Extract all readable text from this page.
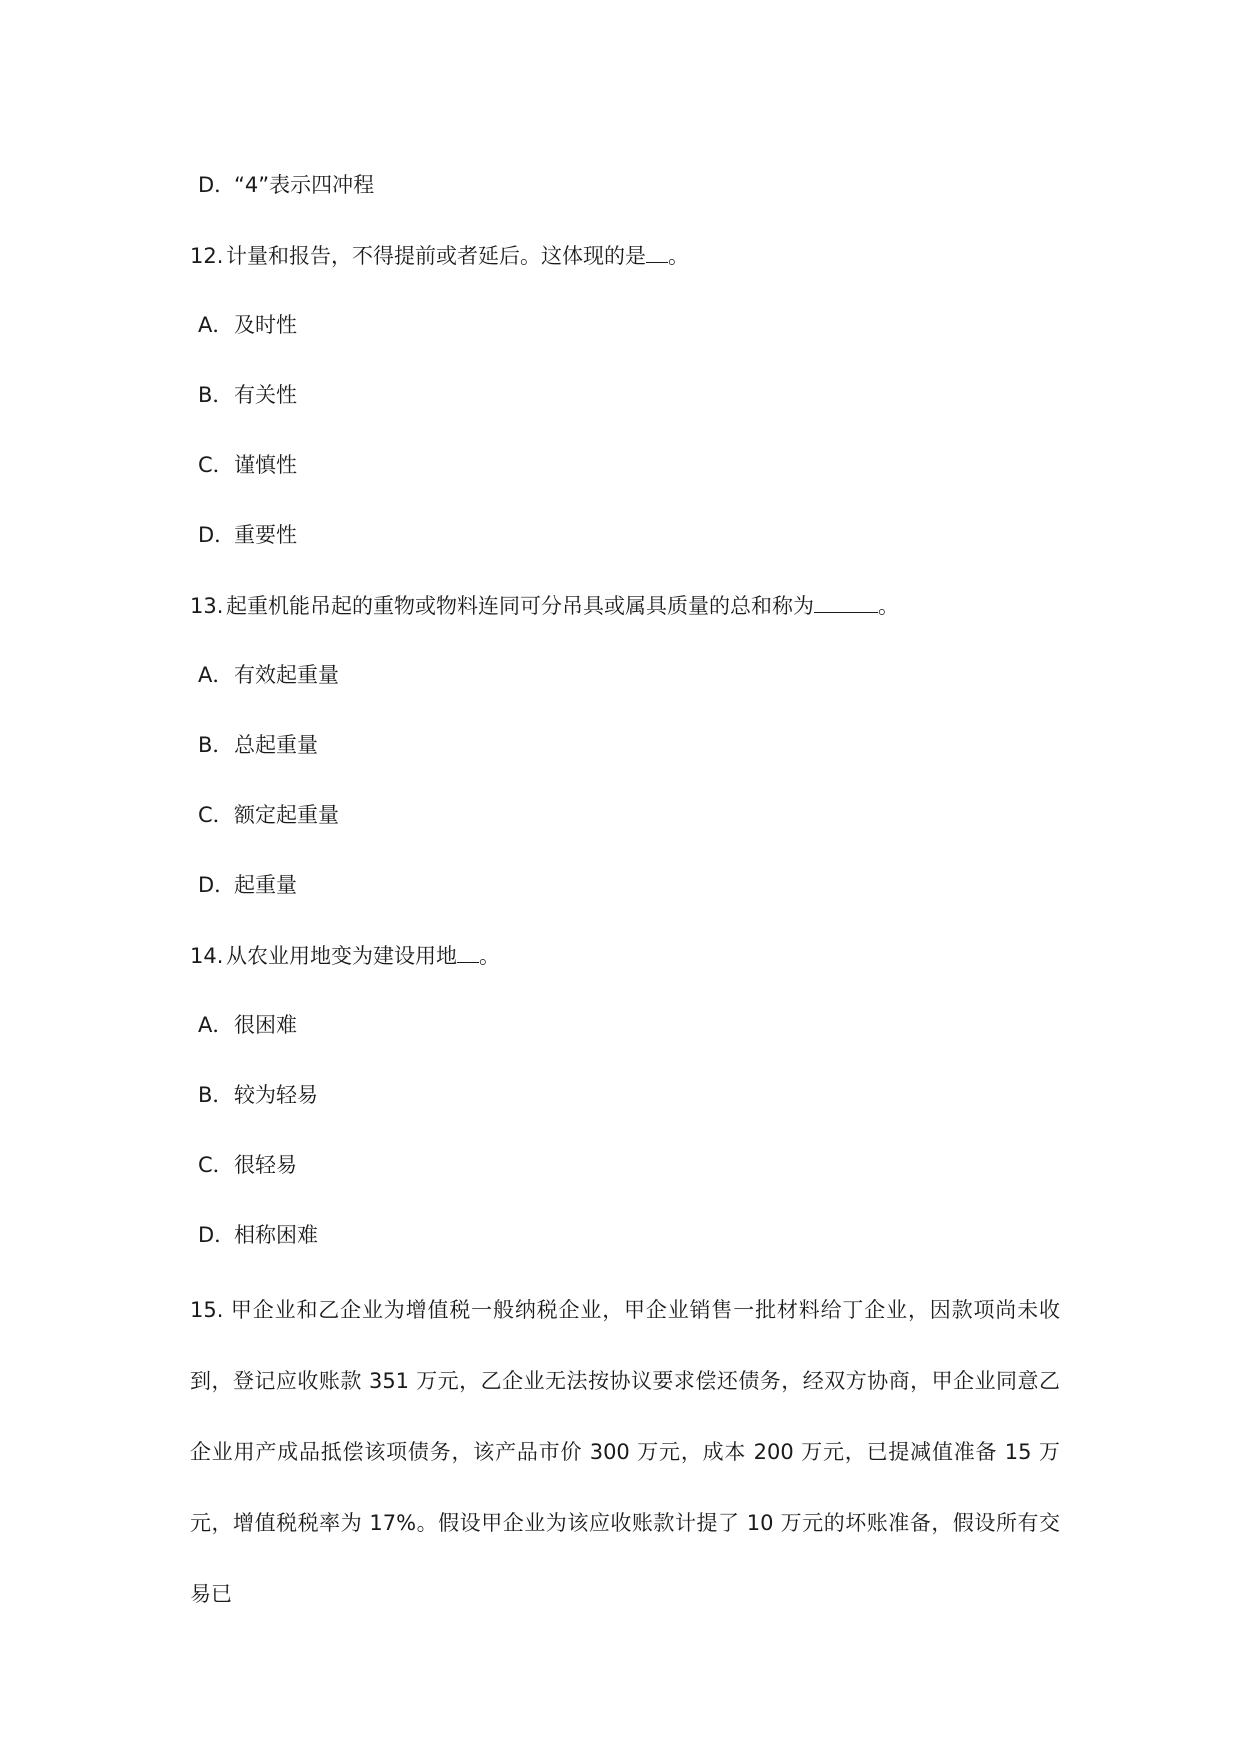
D．“4”表示四冲程
12. 计量和报告，不得提前或者延后。这体现的是 。
A．及时性
B．有关性
C．谨慎性
D．重要性
13. 起重机能吊起的重物或物料连同可分吊具或属具质量的总和称为	。
A．有效起重量
B．总起重量
C．额定起重量
D．起重量
14. 从农业用地变为建设用地 。
A．很困难
B．较为轻易
C．很轻易
D．相称困难
15. 甲企业和乙企业为增值税一般纳税企业，甲企业销售一批材料给丁企业，因款项尚未收到，登记应收账款 351 万元，乙企业无法按协议要求偿还债务，经双方协商，甲企业同意乙企业用产成品抵偿该项债务，该产品市价 300 万元，成本 200 万元，已提减值准备 15 万元，增值税税率为 17%。假设甲企业为该应收账款计提了 10 万元的坏账准备，假设所有交易已
